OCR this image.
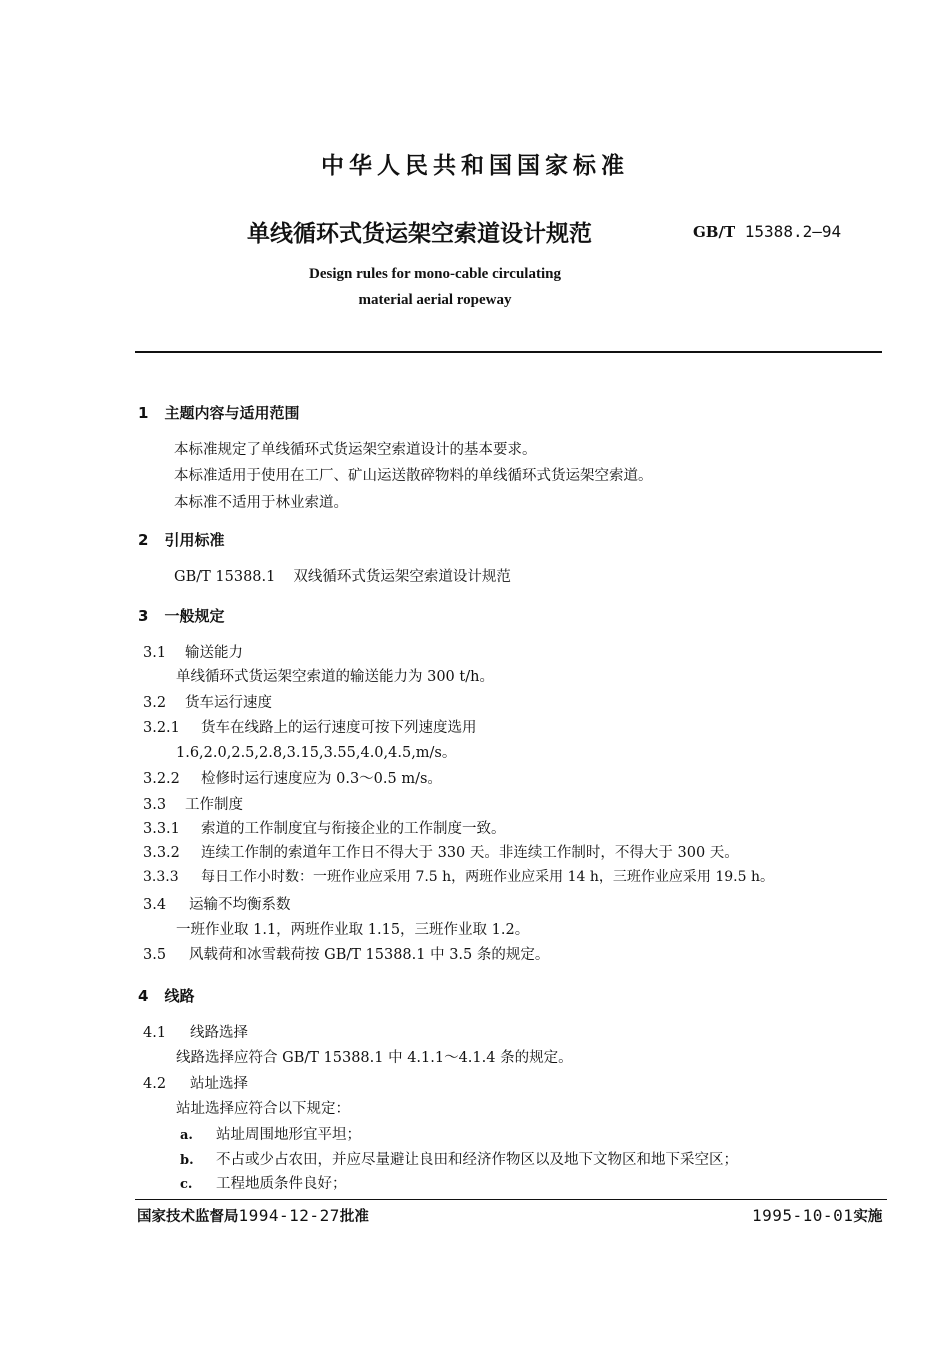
中华人民共和国国家标准
单线循环式货运架空索道设计规范	GB/T 15388.2—94
Design rules for mono-cable circulating
material aerial ropeway
1 主题内容与适用范围
本标准规定了单线循环式货运架空索道设计的基本要求。
本标准适用于使用在工厂、矿山运送散碎物料的单线循环式货运架空索道。
本标准不适用于林业索道。
2 引用标准
GB/T 15388.1 双线循环式货运架空索道设计规范
3 一般规定
3.1 输送能力
单线循环式货运架空索道的输送能力为 300 t/h。
3.2 货车运行速度
3.2.1 货车在线路上的运行速度可按下列速度选用
1.6,2.0,2.5,2.8,3.15,3.55,4.0,4.5,m/s。
3.2.2 检修时运行速度应为 0.3～0.5 m/s。
3.3 工作制度
3.3.1 索道的工作制度宜与衔接企业的工作制度一致。
3.3.2 连续工作制的索道年工作日不得大于 330 天。非连续工作制时，不得大于 300 天。
3.3.3 每日工作小时数：一班作业应采用 7.5 h，两班作业应采用 14 h，三班作业应采用 19.5 h。
3.4 运输不均衡系数
一班作业取 1.1，两班作业取 1.15，三班作业取 1.2。
3.5 风载荷和冰雪载荷按 GB/T 15388.1 中 3.5 条的规定。
4 线路
4.1 线路选择
线路选择应符合 GB/T 15388.1 中 4.1.1～4.1.4 条的规定。
4.2 站址选择
站址选择应符合以下规定：
a. 站址周围地形宜平坦；
b. 不占或少占农田，并应尽量避让良田和经济作物区以及地下文物区和地下采空区；
c. 工程地质条件良好；
国家技术监督局1994-12-27批准	1995-10-01实施
